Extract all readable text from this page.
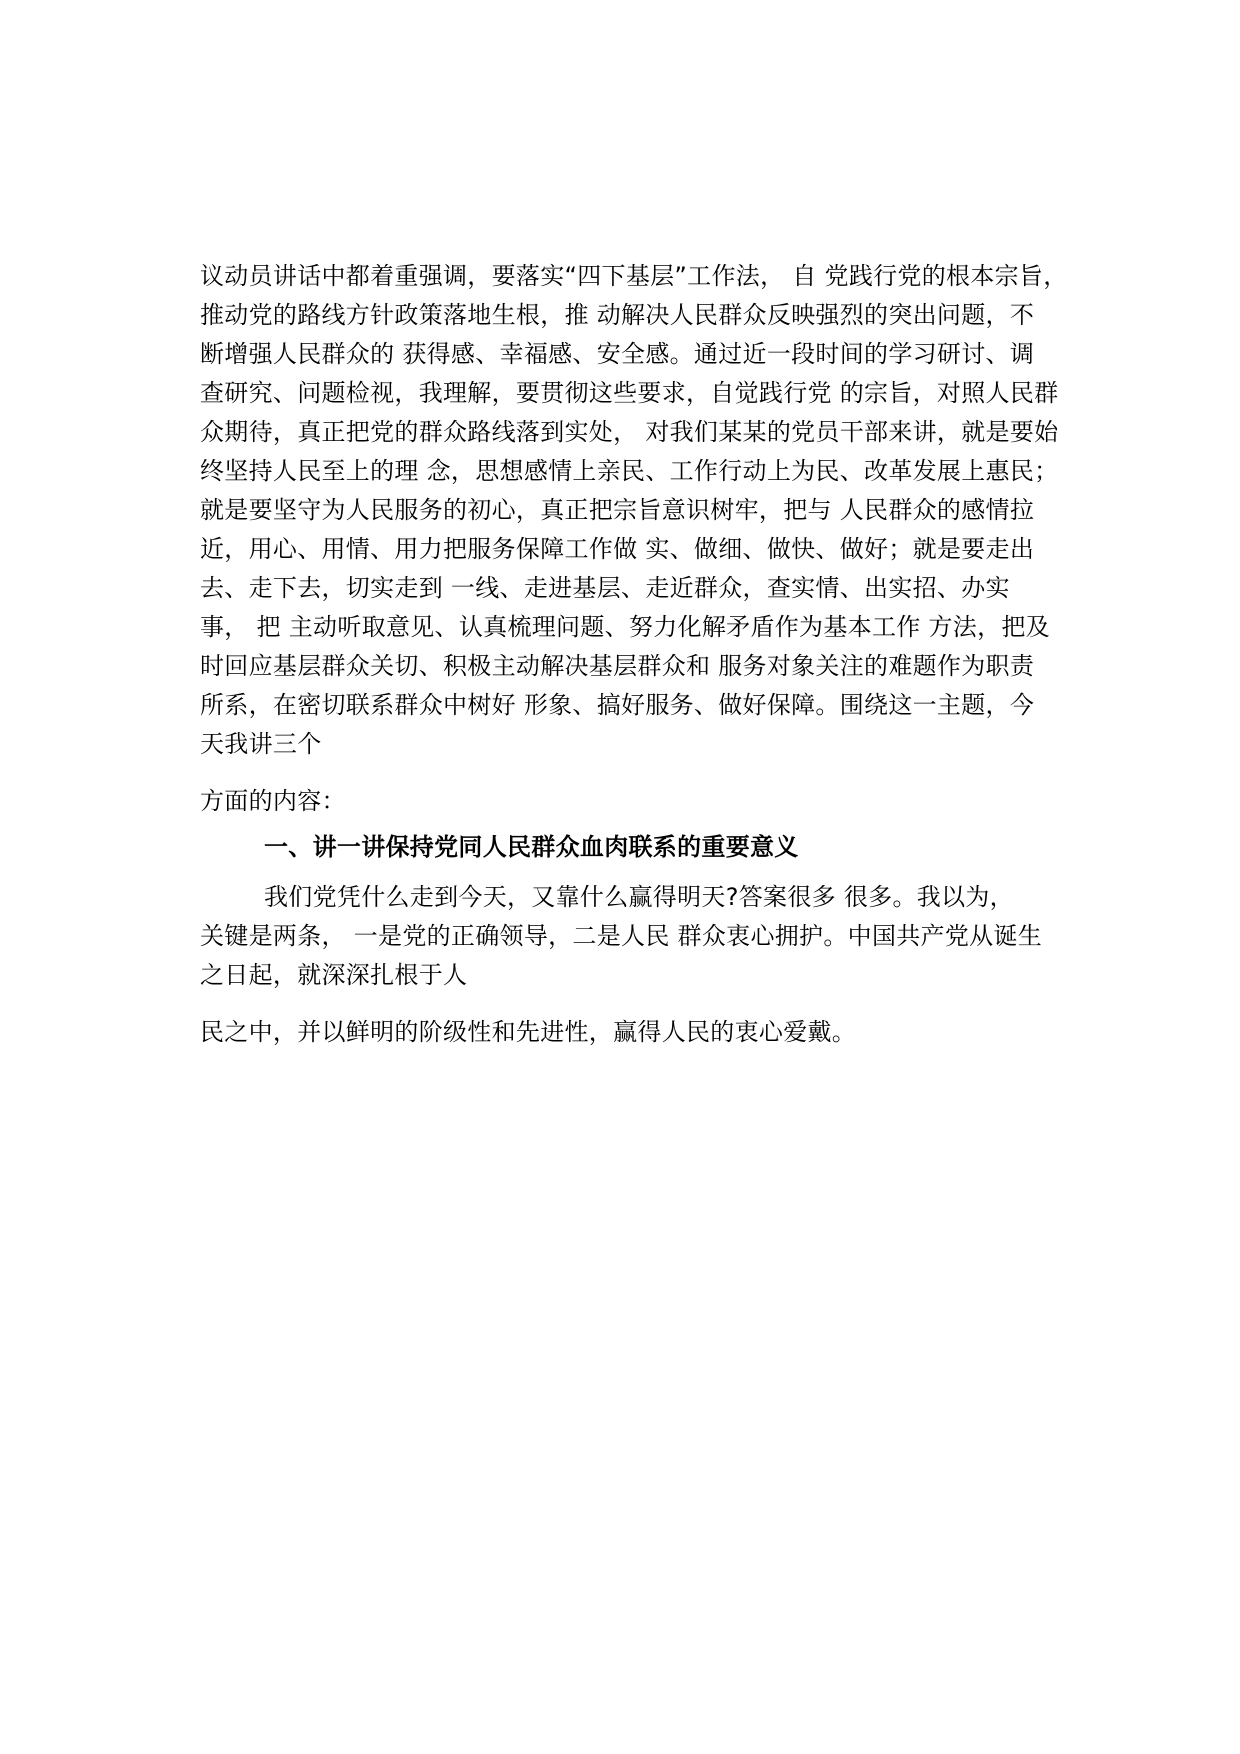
议动员讲话中都着重强调，要落实“四下基层”工作法， 自 党践行党的根本宗旨，
推动党的路线方针政策落地生根，推 动解决人民群众反映强烈的突出问题，不
断增强人民群众的 获得感、幸福感、安全感。通过近一段时间的学习研讨、调
查研究、问题检视，我理解，要贯彻这些要求，自觉践行党 的宗旨，对照人民群
众期待，真正把党的群众路线落到实处， 对我们某某的党员干部来讲，就是要始
终坚持人民至上的理 念，思想感情上亲民、工作行动上为民、改革发展上惠民；
就是要坚守为人民服务的初心，真正把宗旨意识树牢，把与 人民群众的感情拉
近，用心、用情、用力把服务保障工作做 实、做细、做快、做好；就是要走出
去、走下去，切实走到 一线、走进基层、走近群众，查实情、出实招、办实
事， 把 主动听取意见、认真梳理问题、努力化解矛盾作为基本工作 方法，把及
时回应基层群众关切、积极主动解决基层群众和 服务对象关注的难题作为职责
所系，在密切联系群众中树好 形象、搞好服务、做好保障。围绕这一主题，今
天我讲三个
方面的内容：
一、讲一讲保持党同人民群众血肉联系的重要意义
我们党凭什么走到今天，又靠什么赢得明天?答案很多 很多。我以为，
关键是两条， 一是党的正确领导，二是人民 群众衷心拥护。中国共产党从诞生
之日起，就深深扎根于人
民之中，并以鲜明的阶级性和先进性，赢得人民的衷心爱戴。
